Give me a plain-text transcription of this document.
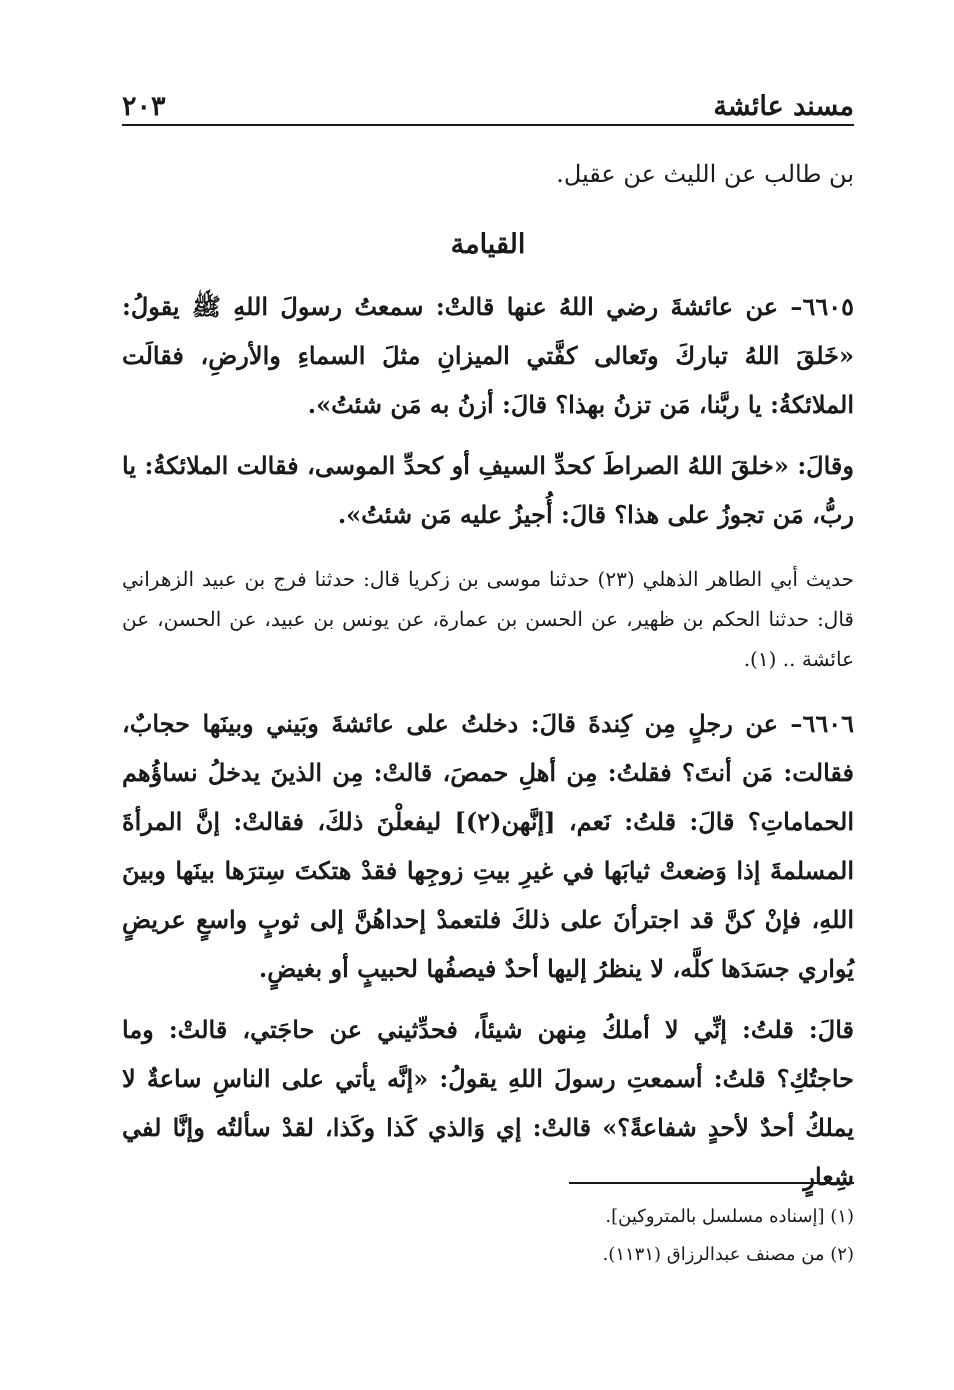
مسند عائشة
٢٠٣

بن طالب عن الليث عن عقيل.

القيامة

٦٦٠٥– عن عائشةَ رضي اللهُ عنها قالتْ: سمعتُ رسولَ اللهِ ﷺ يقولُ: «خَلقَ اللهُ تباركَ وتَعالى كفَّتي الميزانِ مثلَ السماءِ والأرضِ، فقالَت الملائكةُ: يا ربَّنا، مَن تزنُ بهذا؟ قالَ: أزنُ به مَن شئتُ».

وقالَ: «خلقَ اللهُ الصراطَ كحدِّ السيفِ أو كحدِّ الموسى، فقالت الملائكةُ: يا ربُّ، مَن تجوزُ على هذا؟ قالَ: أُجيزُ عليه مَن شئتُ».

حديث أبي الطاهر الذهلي (٢٣) حدثنا موسى بن زكريا قال: حدثنا فرج بن عبيد الزهراني قال: حدثنا الحكم بن ظهير، عن الحسن بن عمارة، عن يونس بن عبيد، عن الحسن، عن عائشة .. (١).

٦٦٠٦– عن رجلٍ مِن كِندةَ قالَ: دخلتُ على عائشةَ وبَيني وبينَها حجابٌ، فقالت: مَن أنتَ؟ فقلتُ: مِن أهلِ حمصَ، قالتْ: مِن الذينَ يدخلُ نساؤُهم الحماماتِ؟ قالَ: قلتُ: نَعم، [إنَّهن(٢)] ليفعلْنَ ذلكَ، فقالتْ: إنَّ المرأةَ المسلمةَ إذا وَضعتْ ثيابَها في غيرِ بيتِ زوجِها فقدْ هتكتَ سِترَها بينَها وبينَ اللهِ، فإنْ كنَّ قد اجترأنَ على ذلكَ فلتعمدْ إحداهُنَّ إلى ثوبٍ واسعٍ عريضٍ يُواري جسَدَها كلَّه، لا ينظرُ إليها أحدٌ فيصفُها لحبيبٍ أو بغيضٍ.

قالَ: قلتُ: إنِّي لا أملكُ مِنهن شيئاً، فحدِّثيني عن حاجَتي، قالتْ: وما حاجتُكِ؟ قلتُ: أسمعتِ رسولَ اللهِ يقولُ: «إنَّه يأتي على الناسِ ساعةٌ لا يملكُ أحدٌ لأحدٍ شفاعةً؟» قالتْ: إي وَالذي كَذا وكَذا، لقدْ سألتُه وإنَّا لفي شِعارٍ

(١) [إسناده مسلسل بالمتروكين].

(٢) من مصنف عبدالرزاق (١١٣١).
